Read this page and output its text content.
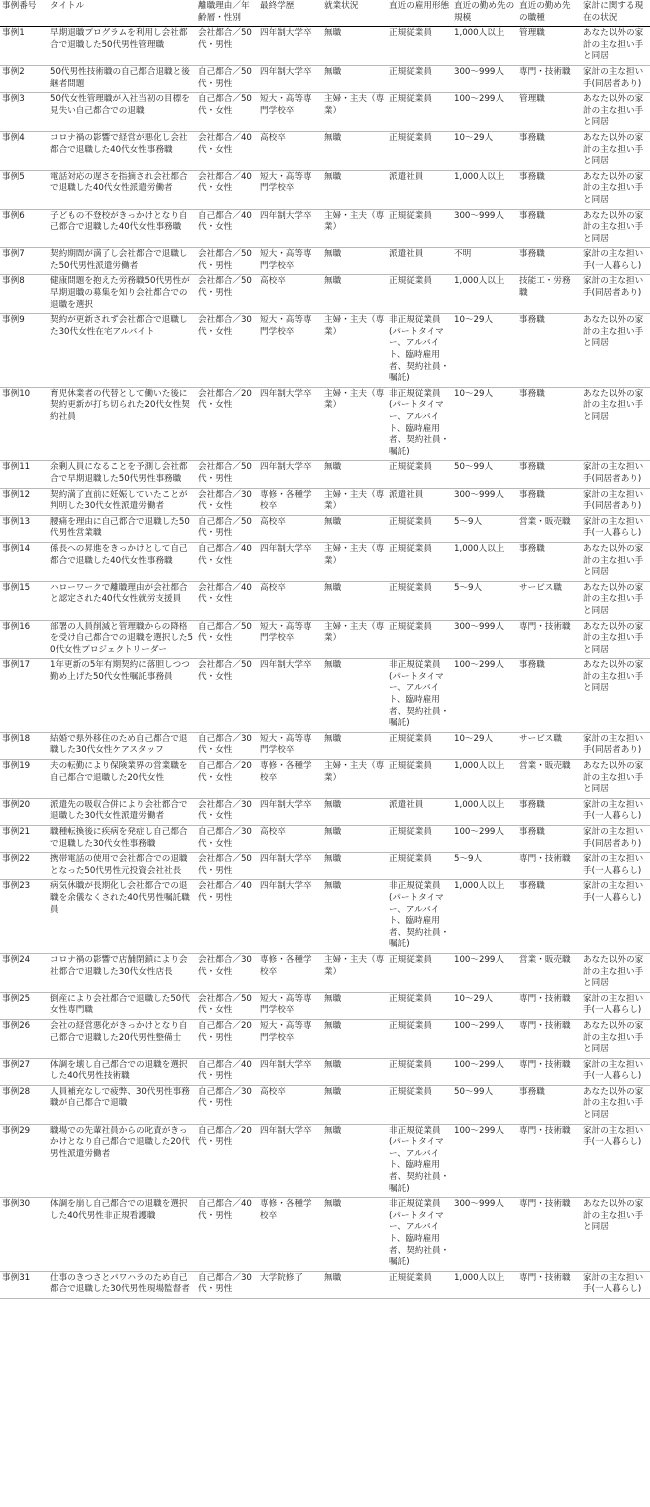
事例番号	タイトル	離職理由／年齢層・性別	最終学歴	就業状況	直近の雇用形態	直近の勤め先の規模	直近の勤め先の職種	家計に関する現在の状況
事例1	早期退職プログラムを利用し会社都合で退職した50代男性管理職	会社都合／50代・男性	四年制大学卒	無職	正規従業員	1,000人以上	管理職	あなた以外の家計の主な担い手と同居
事例2	50代男性技術職の自己都合退職と後継者問題	自己都合／50代・男性	四年制大学卒	無職	正規従業員	300〜999人	専門・技術職	家計の主な担い手(同居者あり)
事例3	50代女性管理職が入社当初の目標を見失い自己都合での退職	自己都合／50代・女性	短大・高等専門学校卒	主婦・主夫（専業）	正規従業員	100〜299人	管理職	あなた以外の家計の主な担い手と同居
事例4	コロナ禍の影響で経営が悪化し会社都合で退職した40代女性事務職	会社都合／40代・女性	高校卒	無職	正規従業員	10〜29人	事務職	あなた以外の家計の主な担い手と同居
事例5	電話対応の遅さを指摘され会社都合で退職した40代女性派遣労働者	会社都合／40代・女性	短大・高等専門学校卒	無職	派遣社員	1,000人以上	事務職	あなた以外の家計の主な担い手と同居
事例6	子どもの不登校がきっかけとなり自己都合で退職した40代女性事務職	自己都合／40代・女性	四年制大学卒	主婦・主夫（専業）	正規従業員	300〜999人	事務職	あなた以外の家計の主な担い手と同居
事例7	契約期間が満了し会社都合で退職した50代男性派遣労働者	会社都合／50代・男性	短大・高等専門学校卒	無職	派遣社員	不明	事務職	家計の主な担い手(一人暮らし)
事例8	健康問題を抱えた労務職50代男性が早期退職の募集を知り会社都合での退職を選択	会社都合／50代・男性	高校卒	無職	正規従業員	1,000人以上	技能工・労務職	家計の主な担い手(同居者あり)
事例9	契約が更新されず会社都合で退職した30代女性在宅アルバイト	会社都合／30代・女性	短大・高等専門学校卒	主婦・主夫（専業）	非正規従業員(パートタイマー、アルバイト、臨時雇用者、契約社員・嘱託)	10〜29人	事務職	あなた以外の家計の主な担い手と同居
事例10	育児休業者の代替として働いた後に契約更新が打ち切られた20代女性契約社員	会社都合／20代・女性	四年制大学卒	主婦・主夫（専業）	非正規従業員(パートタイマー、アルバイト、臨時雇用者、契約社員・嘱託)	10〜29人	事務職	あなた以外の家計の主な担い手と同居
事例11	余剰人員になることを予測し会社都合で早期退職した50代男性事務職	会社都合／50代・男性	四年制大学卒	無職	正規従業員	50〜99人	事務職	家計の主な担い手(同居者あり)
事例12	契約満了直前に妊娠していたことが判明した30代女性派遣労働者	会社都合／30代・女性	専修・各種学校卒	主婦・主夫（専業）	派遣社員	300〜999人	事務職	家計の主な担い手(同居者あり)
事例13	腰痛を理由に自己都合で退職した50代男性営業職	自己都合／50代・男性	高校卒	無職	正規従業員	5〜9人	営業・販売職	家計の主な担い手(一人暮らし)
事例14	係長への昇進をきっかけとして自己都合で退職した40代女性事務職	自己都合／40代・女性	四年制大学卒	主婦・主夫（専業）	正規従業員	1,000人以上	事務職	あなた以外の家計の主な担い手と同居
事例15	ハローワークで離職理由が会社都合と認定された40代女性就労支援員	会社都合／40代・女性	高校卒	無職	正規従業員	5〜9人	サービス職	あなた以外の家計の主な担い手と同居
事例16	部署の人員削減と管理職からの降格を受け自己都合での退職を選択した50代女性プロジェクトリーダー	自己都合／50代・女性	短大・高等専門学校卒	主婦・主夫（専業）	正規従業員	300〜999人	専門・技術職	あなた以外の家計の主な担い手と同居
事例17	1年更新の5年有期契約に落胆しつつ勤め上げた50代女性嘱託事務員	会社都合／50代・女性	四年制大学卒	無職	非正規従業員(パートタイマー、アルバイト、臨時雇用者、契約社員・嘱託)	100〜299人	事務職	あなた以外の家計の主な担い手と同居
事例18	結婚で県外移住のため自己都合で退職した30代女性ケアスタッフ	自己都合／30代・女性	短大・高等専門学校卒	無職	正規従業員	10〜29人	サービス職	家計の主な担い手(同居者あり)
事例19	夫の転勤により保険業界の営業職を自己都合で退職した20代女性	自己都合／20代・女性	専修・各種学校卒	主婦・主夫（専業）	正規従業員	1,000人以上	営業・販売職	あなた以外の家計の主な担い手と同居
事例20	派遣先の吸収合併により会社都合で退職した30代女性派遣労働者	会社都合／30代・女性	四年制大学卒	無職	派遣社員	1,000人以上	事務職	家計の主な担い手(一人暮らし)
事例21	職種転換後に疾病を発症し自己都合で退職した30代女性事務職	自己都合／30代・女性	高校卒	無職	正規従業員	100〜299人	事務職	家計の主な担い手(同居者あり)
事例22	携帯電話の使用で会社都合での退職となった50代男性元投資会社社長	会社都合／50代・男性	四年制大学卒	無職	正規従業員	5〜9人	専門・技術職	家計の主な担い手(一人暮らし)
事例23	病気休職が長期化し会社都合での退職を余儀なくされた40代男性嘱託職員	会社都合／40代・男性	四年制大学卒	無職	非正規従業員(パートタイマー、アルバイト、臨時雇用者、契約社員・嘱託)	1,000人以上	事務職	家計の主な担い手(一人暮らし)
事例24	コロナ禍の影響で店舗閉鎖により会社都合で退職した30代女性店長	会社都合／30代・女性	専修・各種学校卒	主婦・主夫（専業）	正規従業員	100〜299人	営業・販売職	あなた以外の家計の主な担い手と同居
事例25	倒産により会社都合で退職した50代女性専門職	会社都合／50代・女性	短大・高等専門学校卒	無職	正規従業員	10〜29人	専門・技術職	家計の主な担い手(一人暮らし)
事例26	会社の経営悪化がきっかけとなり自己都合で退職した20代男性整備士	自己都合／20代・男性	短大・高等専門学校卒	無職	正規従業員	100〜299人	専門・技術職	あなた以外の家計の主な担い手と同居
事例27	体調を壊し自己都合での退職を選択した40代男性技術職	自己都合／40代・男性	四年制大学卒	無職	正規従業員	100〜299人	専門・技術職	家計の主な担い手(一人暮らし)
事例28	人員補充なしで疲弊、30代男性事務職が自己都合で退職	自己都合／30代・男性	高校卒	無職	正規従業員	50〜99人	事務職	あなた以外の家計の主な担い手と同居
事例29	職場での先輩社員からの叱責がきっかけとなり自己都合で退職した20代男性派遣労働者	自己都合／20代・男性	四年制大学卒	無職	非正規従業員(パートタイマー、アルバイト、臨時雇用者、契約社員・嘱託)	100〜299人	専門・技術職	家計の主な担い手(一人暮らし)
事例30	体調を崩し自己都合での退職を選択した40代男性非正規看護職	自己都合／40代・男性	専修・各種学校卒	無職	非正規従業員(パートタイマー、アルバイト、臨時雇用者、契約社員・嘱託)	300〜999人	専門・技術職	あなた以外の家計の主な担い手と同居
事例31	仕事のきつさとパワハラのため自己都合で退職した30代男性現場監督者	自己都合／30代・男性	大学院修了	無職	正規従業員	1,000人以上	専門・技術職	家計の主な担い手(一人暮らし)
